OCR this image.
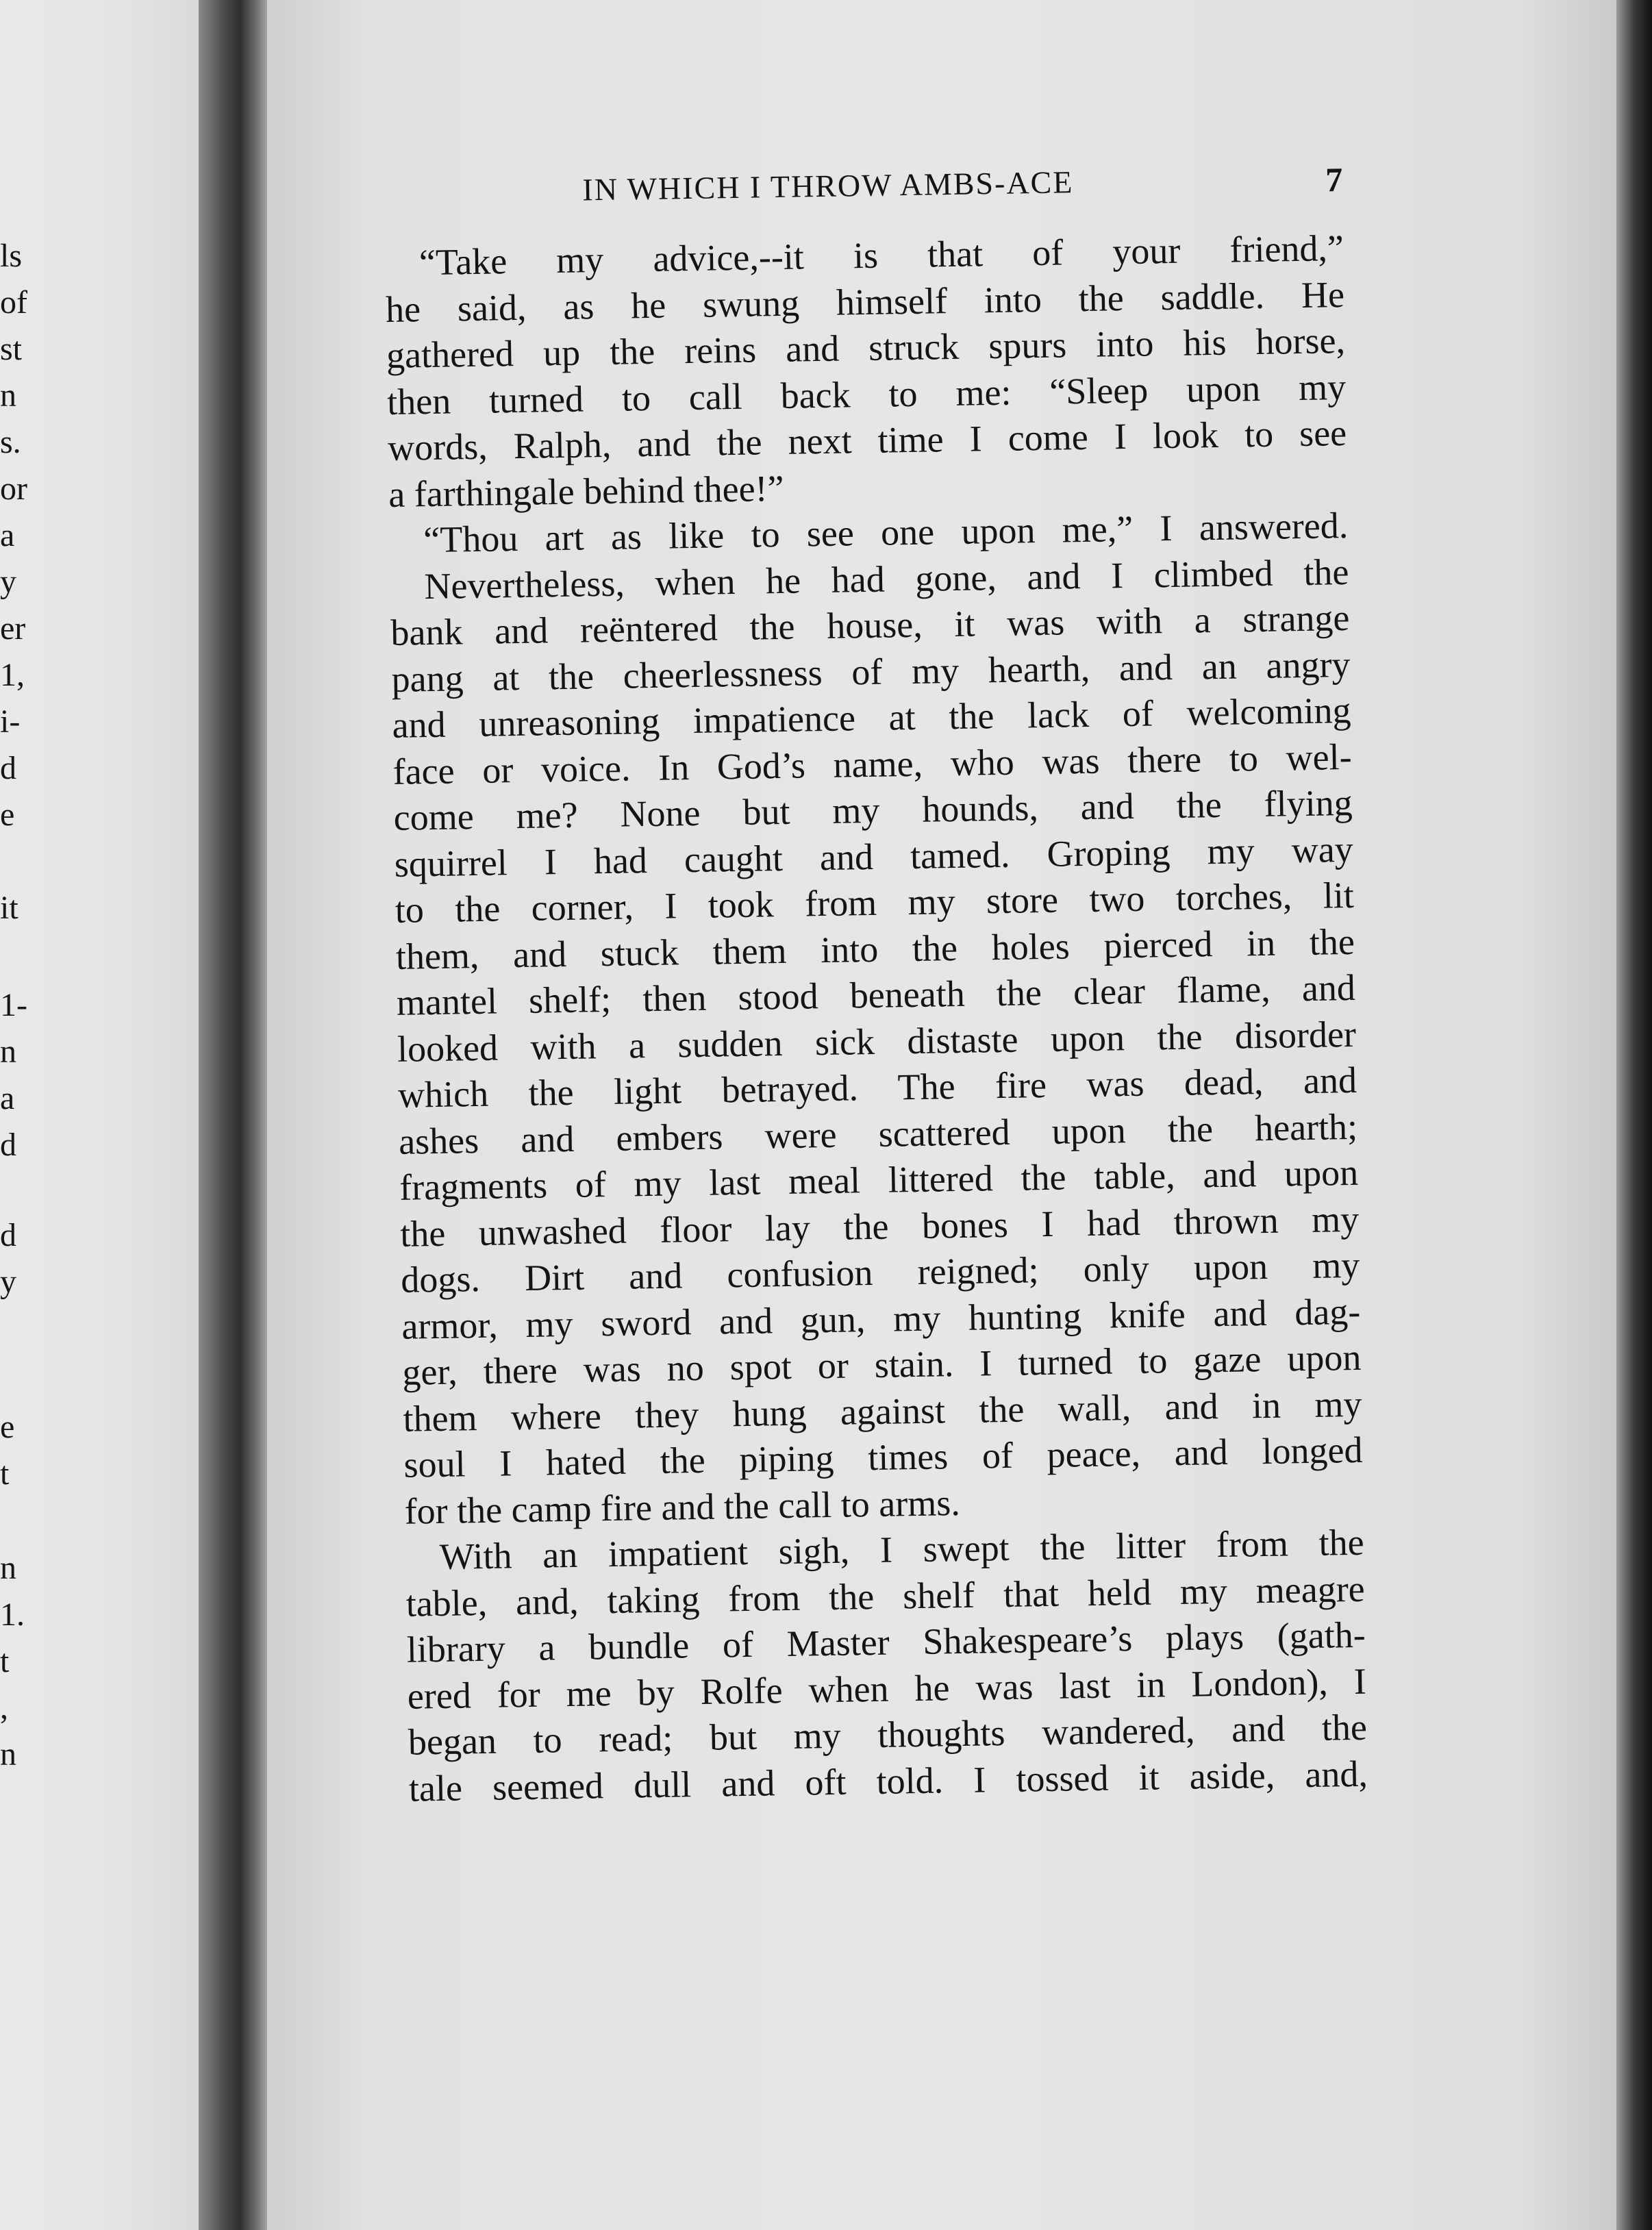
ls
of
st
n
s.
or
a
y
er
1,
i-
d
e
it
1-
n
a
d
d
y
e
t
n
1.
t
,
n
IN WHICH I THROW AMBS-ACE	7
“Take my advice,--it is that of your friend,”
he said, as he swung himself into the saddle. He
gathered up the reins and struck spurs into his horse,
then turned to call back to me: “Sleep upon my
words, Ralph, and the next time I come I look to see
a farthingale behind thee!”
“Thou art as like to see one upon me,” I answered.
Nevertheless, when he had gone, and I climbed the
bank and reëntered the house, it was with a strange
pang at the cheerlessness of my hearth, and an angry
and unreasoning impatience at the lack of welcoming
face or voice. In God’s name, who was there to wel-
come me? None but my hounds, and the flying
squirrel I had caught and tamed. Groping my way
to the corner, I took from my store two torches, lit
them, and stuck them into the holes pierced in the
mantel shelf; then stood beneath the clear flame, and
looked with a sudden sick distaste upon the disorder
which the light betrayed. The fire was dead, and
ashes and embers were scattered upon the hearth;
fragments of my last meal littered the table, and upon
the unwashed floor lay the bones I had thrown my
dogs. Dirt and confusion reigned; only upon my
armor, my sword and gun, my hunting knife and dag-
ger, there was no spot or stain. I turned to gaze upon
them where they hung against the wall, and in my
soul I hated the piping times of peace, and longed
for the camp fire and the call to arms.
With an impatient sigh, I swept the litter from the
table, and, taking from the shelf that held my meagre
library a bundle of Master Shakespeare’s plays (gath-
ered for me by Rolfe when he was last in London), I
began to read; but my thoughts wandered, and the
tale seemed dull and oft told. I tossed it aside, and,
